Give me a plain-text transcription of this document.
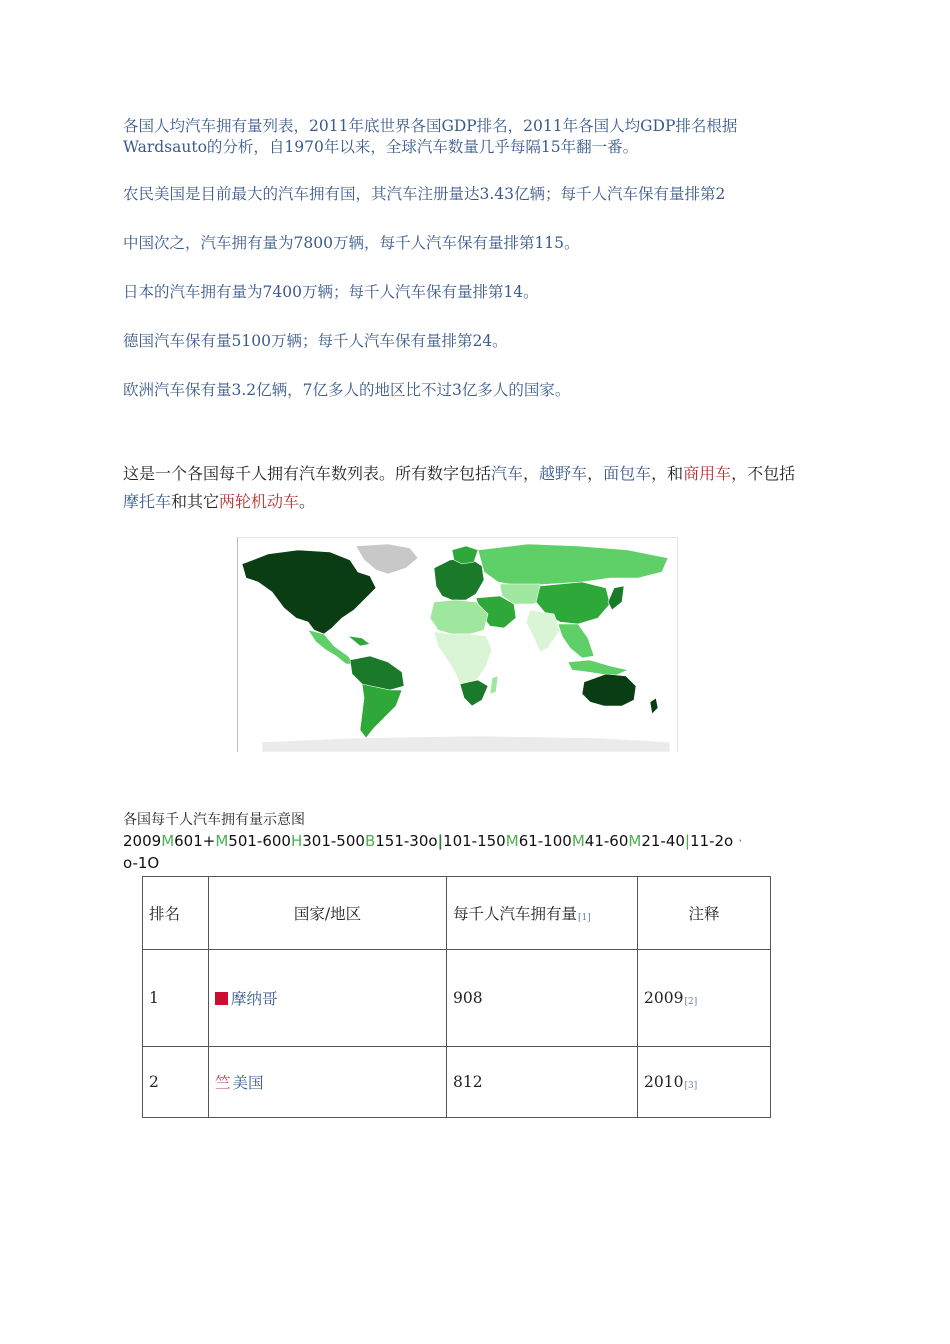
各国人均汽车拥有量列表，2011年底世界各国GDP排名，2011年各国人均GDP排名根据
Wardsauto的分析，自1970年以来，全球汽车数量几乎每隔15年翻一番。
农民美国是目前最大的汽车拥有国，其汽车注册量达3.43亿辆；每千人汽车保有量排第2
中国次之，汽车拥有量为7800万辆，每千人汽车保有量排第115。
日本的汽车拥有量为7400万辆；每千人汽车保有量排第14。
德国汽车保有量5100万辆；每千人汽车保有量排第24。
欧洲汽车保有量3.2亿辆，7亿多人的地区比不过3亿多人的国家。
这是一个各国每千人拥有汽车数列表。所有数字包括汽车，越野车，面包车，和商用车，不包括摩托车和其它两轮机动车。
各国每千人汽车拥有量示意图
2009M601+M501-600H301-500B151-30o|101-150M61-100M41-60M21-40|11-2o ·
o-1O
排名	国家/地区	每千人汽车拥有量[1]	注释
1	摩纳哥	908	2009[2]
2	竺 美国	812	2010[3]
